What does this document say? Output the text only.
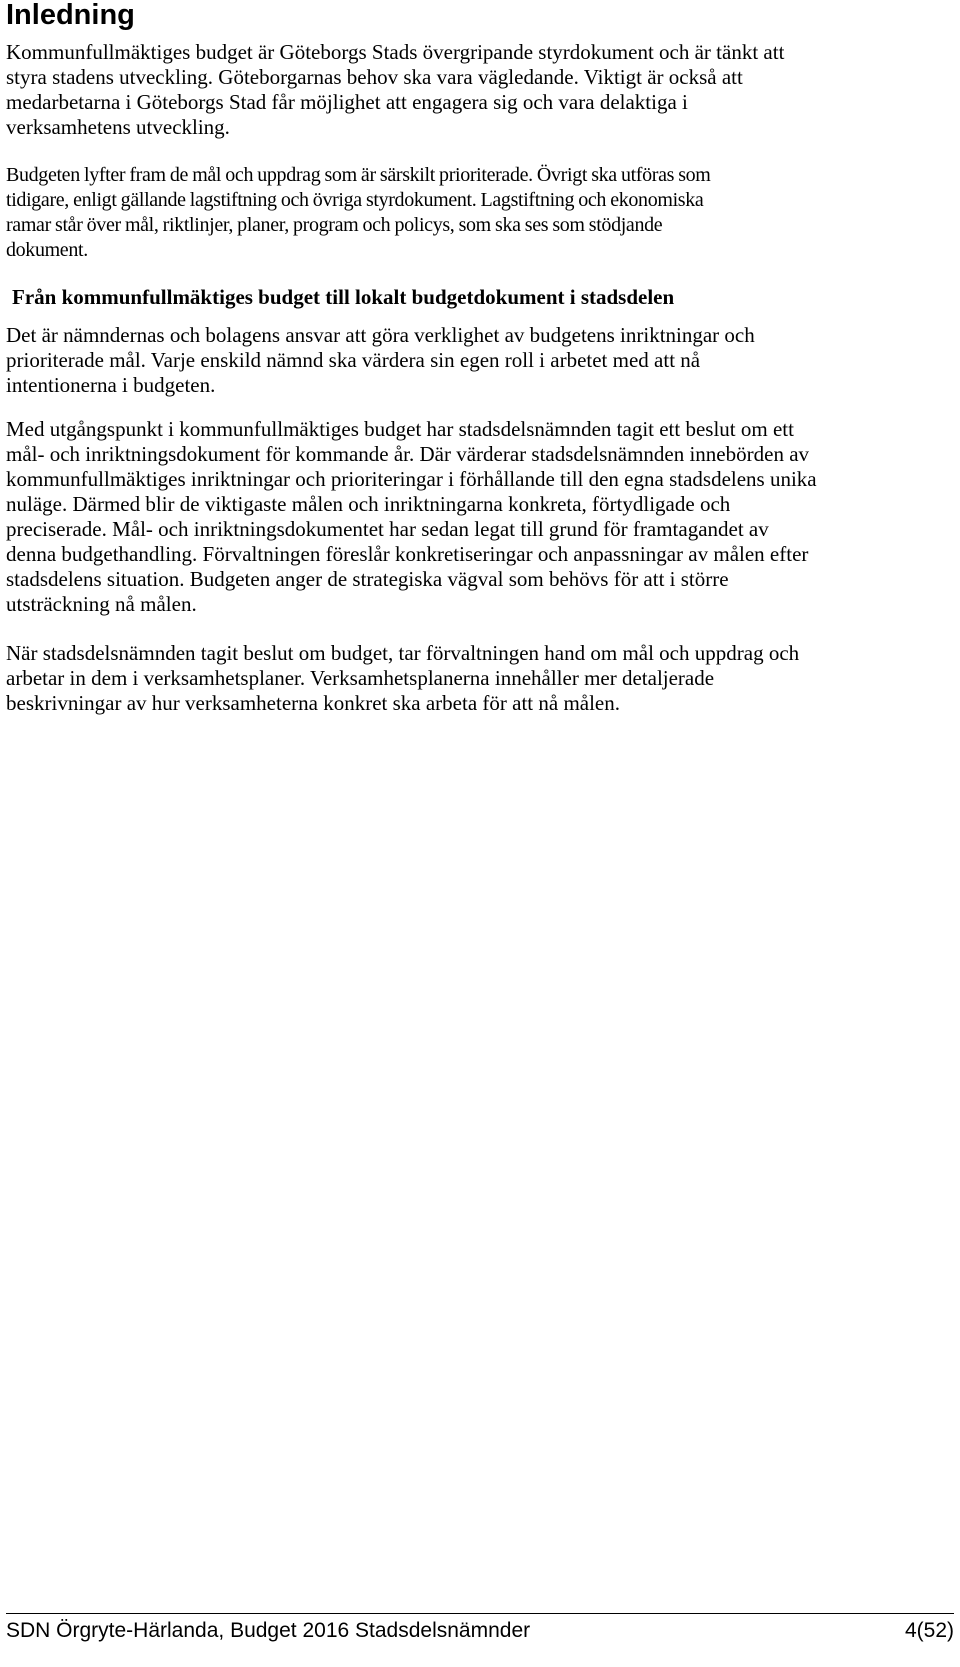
Inledning

Kommunfullmäktiges budget är Göteborgs Stads övergripande styrdokument och är tänkt att
styra stadens utveckling. Göteborgarnas behov ska vara vägledande. Viktigt är också att
medarbetarna i Göteborgs Stad får möjlighet att engagera sig och vara delaktiga i
verksamhetens utveckling.

Budgeten lyfter fram de mål och uppdrag som är särskilt prioriterade. Övrigt ska utföras som
tidigare, enligt gällande lagstiftning och övriga styrdokument. Lagstiftning och ekonomiska
ramar står över mål, riktlinjer, planer, program och policys, som ska ses som stödjande
dokument.

Från kommunfullmäktiges budget till lokalt budgetdokument i stadsdelen

Det är nämndernas och bolagens ansvar att göra verklighet av budgetens inriktningar och
prioriterade mål. Varje enskild nämnd ska värdera sin egen roll i arbetet med att nå
intentionerna i budgeten.

Med utgångspunkt i kommunfullmäktiges budget har stadsdelsnämnden tagit ett beslut om ett
mål- och inriktningsdokument för kommande år. Där värderar stadsdelsnämnden innebörden av
kommunfullmäktiges inriktningar och prioriteringar i förhållande till den egna stadsdelens unika
nuläge. Därmed blir de viktigaste målen och inriktningarna konkreta, förtydligade och
preciserade. Mål- och inriktningsdokumentet har sedan legat till grund för framtagandet av
denna budgethandling. Förvaltningen föreslår konkretiseringar och anpassningar av målen efter
stadsdelens situation. Budgeten anger de strategiska vägval som behövs för att i större
utsträckning nå målen.

När stadsdelsnämnden tagit beslut om budget, tar förvaltningen hand om mål och uppdrag och
arbetar in dem i verksamhetsplaner. Verksamhetsplanerna innehåller mer detaljerade
beskrivningar av hur verksamheterna konkret ska arbeta för att nå målen.

SDN Örgryte-Härlanda, Budget 2016 Stadsdelsnämnder	4(52)
